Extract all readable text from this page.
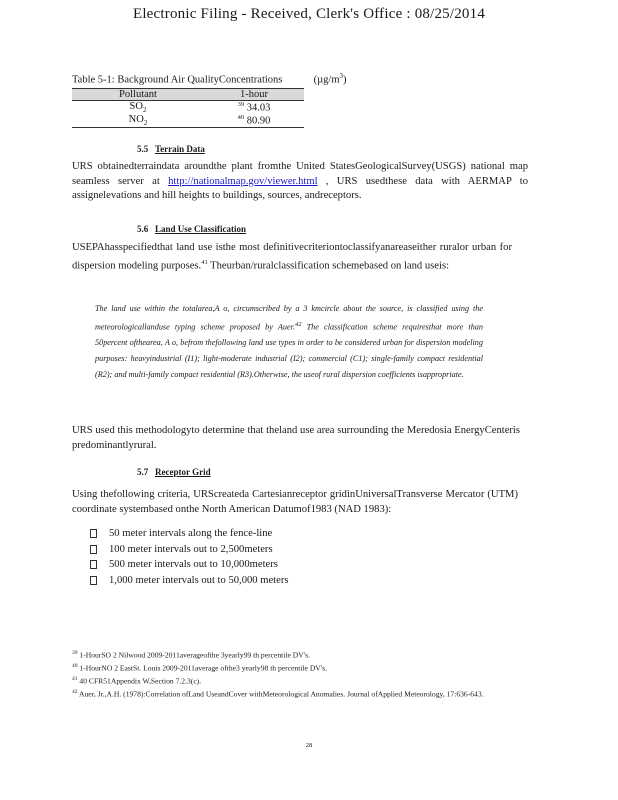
Electronic Filing - Received, Clerk's Office : 08/25/2014
Table 5-1: Background Air QualityConcentrations	$(\mu g/m^3)$
Pollutant	1-hour
$SO_2$	$^{39}$ 34.03
$NO_2$	$^{40}$ 80.90
5.5 Terrain Data
URS obtainedterraindata aroundthe plant fromthe United StatesGeologicalSurvey(USGS) national map seamless server at http://nationalmap.gov/viewer.html , URS usedthese data with AERMAP to assignelevations and hill heights to buildings, sources, andreceptors.
5.6 Land Use Classification
USEPAhasspecifiedthat land use isthe most definitivecriteriontoclassifyanareaseither ruralor urban for dispersion modeling purposes.$^{41}$ Theurban/ruralclassification schemebased on land useis:
The land use within the totalarea,A o, circumscribed by a 3 kmcircle about the source, is classified using the meteorologicallanduse typing scheme proposed by Auer.$^{42}$ The classification scheme requiresthat more than 50percent ofthearea, A o, befrom thefollowing land use types in order to be considered urban for dispersion modeling purposes: heavyindustrial (I1); light-moderate industrial (I2); commercial (C1); single-family compact residential (R2); and multi-family compact residential (R3).Otherwise, the useof rural dispersion coefficients isappropriate.
URS used this methodologyto determine that theland use area surrounding the Meredosia EnergyCenteris predominantlyrural.
5.7 Receptor Grid
Using thefollowing criteria, URScreateda Cartesianreceptor gridinUniversalTransverse Mercator (UTM) coordinate systembased onthe North American Datumof1983 (NAD 1983):
50 meter intervals along the fence-line
100 meter intervals out to 2,500meters
500 meter intervals out to 10,000meters
1,000 meter intervals out to 50,000 meters
$^{39}$ 1-HourSO 2 Nilwood 2009-2011averageofthe 3yearly99 th percentile DV's.
$^{40}$ 1-HourNO 2 EastSt. Louis 2009-2011average ofthe3 yearly98 th percentile DV's.
$^{41}$ 40 CFR51Appendix W,Section 7.2.3(c).
$^{42}$ Auer, Jr.,A.H. (1978):Correlation ofLand UseandCover withMeteorological Anomalies. Journal ofApplied Meteorology, 17:636-643.
28
